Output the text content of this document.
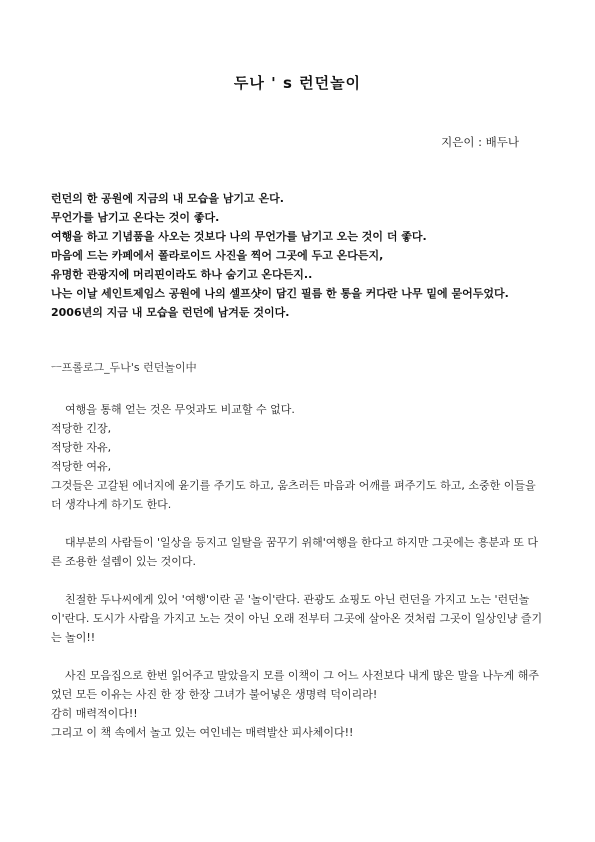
두나 ' s 런던놀이
지은이 : 배두나

런던의 한 공원에 지금의 내 모습을 남기고 온다.

무언가를 남기고 온다는 것이 좋다.

여행을 하고 기념품을 사오는 것보다 나의 무언가를 남기고 오는 것이 더 좋다.

마음에 드는 카페에서 폴라로이드 사진을 찍어 그곳에 두고 온다든지,

유명한 관광지에 머리핀이라도 하나 숨기고 온다든지..

나는 이날 세인트제임스 공원에 나의 셀프샷이 담긴 필름 한 통을 커다란 나무 밑에 묻어두었다.

2006년의 지금 내 모습을 런던에 남겨둔 것이다.

ㅡ프롤로그_두나's 런던놀이中

여행을 통해 얻는 것은 무엇과도 비교할 수 없다.

적당한 긴장,

적당한 자유,

적당한 여유,

그것들은 고갈된 에너지에 윤기를 주기도 하고, 움츠러든 마음과 어깨를 펴주기도 하고, 소중한 이들을 더 생각나게 하기도 한다.

대부분의 사람들이 '일상을 등지고 일탈을 꿈꾸기 위해'여행을 한다고 하지만 그곳에는 흥분과 또 다른 조용한 설렘이 있는 것이다.

친절한 두나씨에게 있어 '여행'이란 곧 '놀이'란다. 관광도 쇼핑도 아닌 런던을 가지고 노는 '런던놀이'란다. 도시가 사람을 가지고 노는 것이 아닌 오래 전부터 그곳에 살아온 것처럼 그곳이 일상인냥 즐기는 놀이!!

사진 모음집으로 한번 읽어주고 말았을지 모를 이책이 그 어느 사전보다 내게 많은 말을 나누게 해주었던 모든 이유는 사진 한 장 한장 그녀가 불어넣은 생명력 덕이리라!

감히 매력적이다!!

그리고 이 책 속에서 놀고 있는 여인네는 매력발산 피사체이다!!
